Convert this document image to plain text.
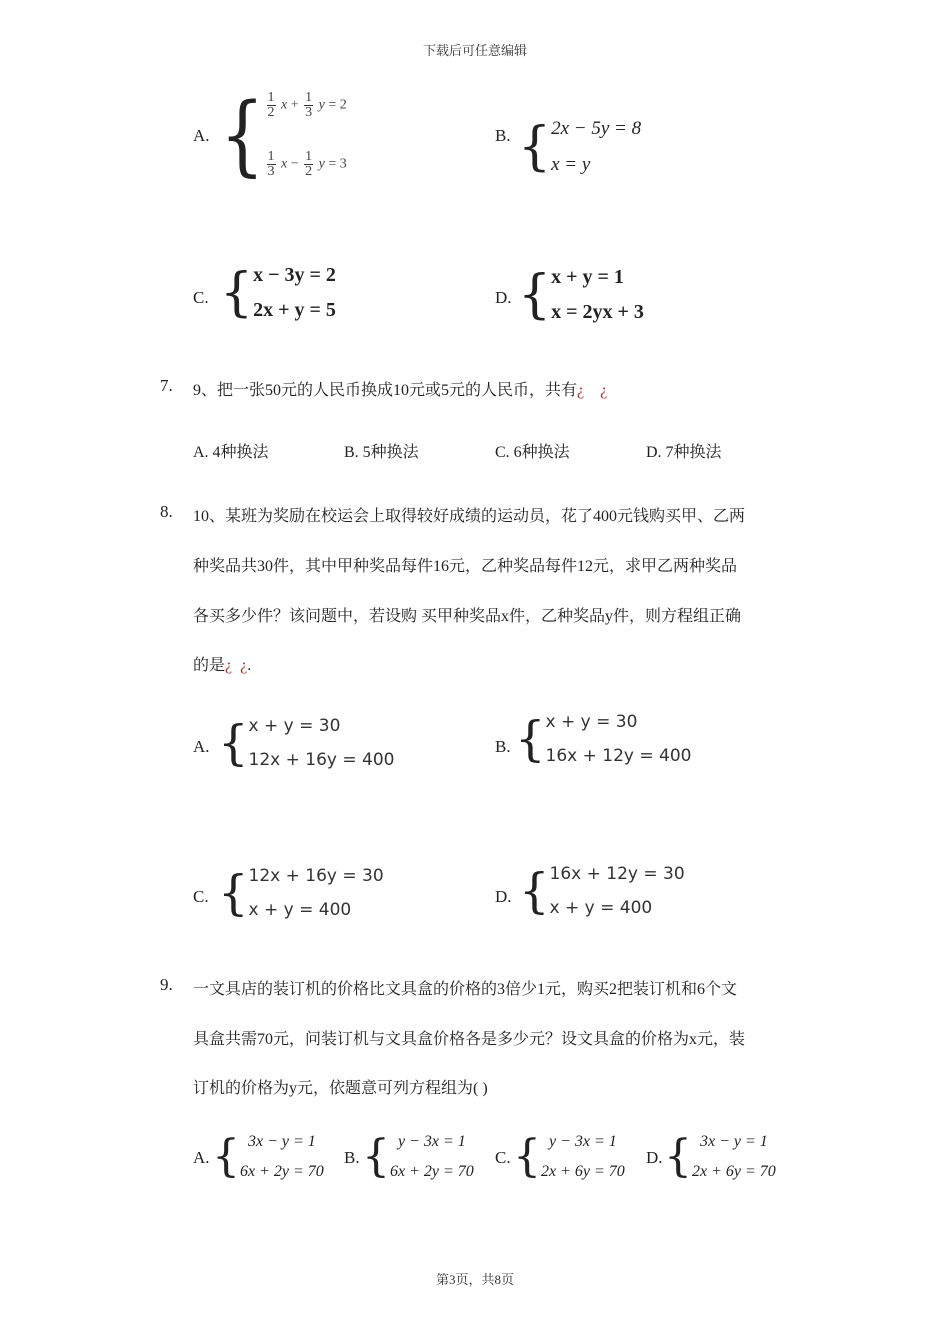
下载后可任意编辑
A. { $\frac{1}{2}$ $x + \frac{1}{3}$ y = 2
$\frac{1}{3}$ $x - \frac{1}{2}$ y = 3
B. { 2x − 5y = 8
x = y
C. { x − 3y = 2
2x + y = 5
D. { x + y = 1
x = 2yx + 3
7. 9、把一张50元的人民币换成10元或5元的人民币，共有¿    ¿
A. 4种换法	B. 5种换法	C. 6种换法	D. 7种换法
8. 10、某班为奖励在校运会上取得较好成绩的运动员，花了400元钱购买甲、乙两
种奖品共30件，其中甲种奖品每件16元，乙种奖品每件12元，求甲乙两种奖品
各买多少件？该问题中，若设购 买甲种奖品x件，乙种奖品y件，则方程组正确
的是¿  ¿.
A. { x + y = 30
12x + 16y = 400
B. { x + y = 30
16x + 12y = 400
C. { 12x + 16y = 30
x + y = 400
D. { 16x + 12y = 30
x + y = 400
9. 一文具店的装订机的价格比文具盒的价格的3倍少1元，购买2把装订机和6个文
具盒共需70元，问装订机与文具盒价格各是多少元？设文具盒的价格为x元，装
订机的价格为y元，依题意可列方程组为( )
A. { 3x − y = 1
6x + 2y = 70
B. { y − 3x = 1
6x + 2y = 70
C. { y − 3x = 1
2x + 6y = 70
D. { 3x − y = 1
2x + 6y = 70
第3页，共8页
